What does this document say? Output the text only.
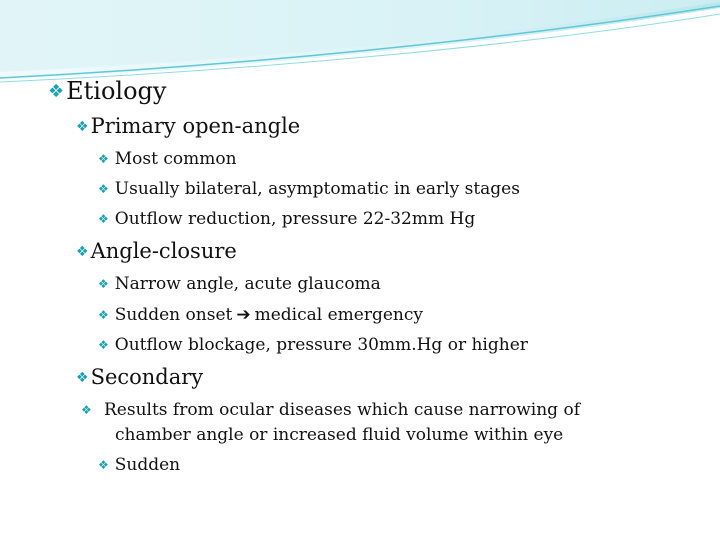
❖Etiology
❖Primary open-angle
❖ Most common
❖ Usually bilateral, asymptomatic in early stages
❖ Outflow reduction, pressure 22-32mm Hg
❖Angle-closure
❖ Narrow angle, acute glaucoma
❖ Sudden onset ➔ medical emergency
❖ Outflow blockage, pressure 30mm.Hg or higher
❖Secondary
❖ Results from ocular diseases which cause narrowing of chamber angle or increased fluid volume within eye
❖ Sudden
